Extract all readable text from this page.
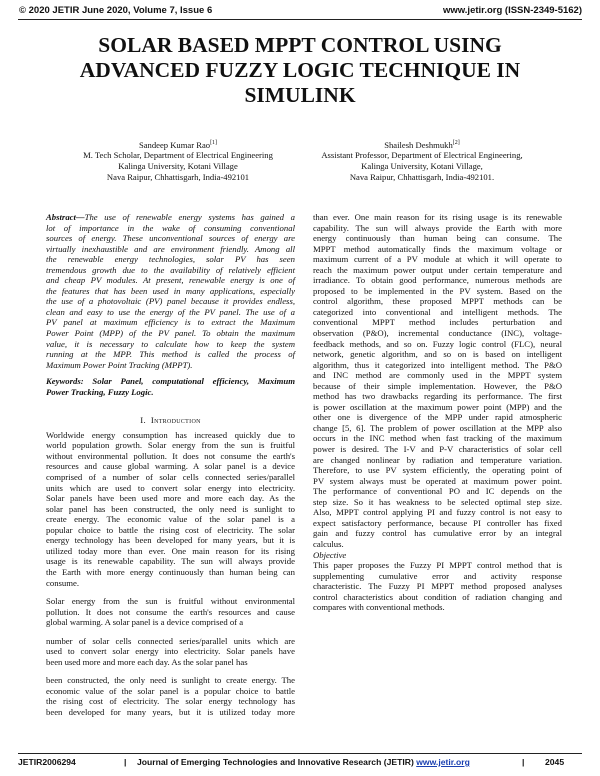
© 2020 JETIR June 2020, Volume 7, Issue 6	www.jetir.org (ISSN-2349-5162)
SOLAR BASED MPPT CONTROL USING
ADVANCED FUZZY LOGIC TECHNIQUE IN
SIMULINK
Sandeep Kumar Rao[1]
M. Tech Scholar, Department of Electrical Engineering
Kalinga University, Kotani Village
Nava Raipur, Chhattisgarh, India-492101
Shailesh Deshmukh[2]
Assistant Professor, Department of Electrical Engineering,
Kalinga University, Kotani Village,
Nava Raipur, Chhattisgarh, India-492101.

Abstract—The use of renewable energy systems has gained a

lot of importance in the wake of consuming conventional

sources of energy. These unconventional sources of energy are

virtually inexhaustible and are environment friendly. Among all

the renewable energy technologies, solar PV has seen

tremendous growth due to the availability of relatively efficient

and cheap PV modules. At present, renewable energy is one of

the features that has been used in many applications, especially

the use of a photovoltaic (PV) panel because it provides endless,

clean and easy to use the energy of the PV panel. The use of a

PV panel at maximum efficiency is to extract the Maximum

Power Point (MPP) of the PV panel. To obtain the maximum

value, it is necessary to calculate how to keep the system

running at the MPP. This method is called the process of

Maximum Power Point Tracking (MPPT).

Keywords: Solar Panel, computational efficiency, Maximum

Power Tracking, Fuzzy Logic.

I. Introduction

Worldwide energy consumption has increased quickly due to

world population growth. Solar energy from the sun is fruitful

without environmental pollution. It does not consume the earth's

resources and cause global warming. A solar panel is a device

comprised of a number of solar cells connected series/parallel

units which are used to convert solar energy into electricity.

Solar panels have been used more and more each day. As the

solar panel has been constructed, the only need is sunlight to

create energy. The economic value of the solar panel is a

popular choice to battle the rising cost of electricity. The solar

energy technology has been developed for many years, but it is

utilized today more than ever. One main reason for its rising

usage is its renewable capability. The sun will always provide

the Earth with more energy continuously than human being can

consume.

Solar energy from the sun is fruitful without environmental

pollution. It does not consume the earth's resources and cause

global warming. A solar panel is a device comprised of a

number of solar cells connected series/parallel units which are

used to convert solar energy into electricity. Solar panels have

been used more and more each day. As the solar panel has

been constructed, the only need is sunlight to create energy. The

economic value of the solar panel is a popular choice to battle

the rising cost of electricity. The solar energy technology has

been developed for many years, but it is utilized today more

than ever. One main reason for its rising usage is its renewable

capability. The sun will always provide the Earth with more

energy continuously than human being can consume. The

MPPT method automatically finds the maximum voltage or

maximum current of a PV module at which it will operate to

reach the maximum power output under certain temperature and

irradiance. To obtain good performance, numerous methods are

proposed to be implemented in the PV system. Based on the

control algorithm, these proposed MPPT methods can be

categorized into conventional and intelligent methods. The

conventional MPPT method includes perturbation and

observation (P&O), incremental conductance (INC), voltage-

feedback methods, and so on. Fuzzy logic control (FLC), neural

network, genetic algorithm, and so on is based on intelligent

algorithm, thus it categorized into intelligent method. The P&O

and INC method are commonly used in the MPPT system

because of their simple implementation. However, the P&O

method has two drawbacks regarding its performance. The first

is power oscillation at the maximum power point (MPP) and the

other one is divergence of the MPP under rapid atmospheric

change [5, 6]. The problem of power oscillation at the MPP also

occurs in the INC method when fast tracking of the maximum

power is desired. The I-V and P-V characteristics of solar cell

are changed nonlinear by radiation and temperature variation.

Therefore, to use PV system efficiently, the operating point of

PV system always must be operated at maximum power point.

The performance of conventional PO and IC depends on the

step size. So it has weakness to be selected optimal step size.

Also, MPPT control applying PI and fuzzy control is not easy to

expect satisfactory performance, because PI controller has fixed

gain and fuzzy control has cumulative error by an integral

calculus.

Objective

This paper proposes the Fuzzy PI MPPT control method that is

supplementing cumulative error and activity response

characteristic. The Fuzzy PI MPPT method proposed analyses

control characteristics about condition of radiation changing and

compares with conventional methods.

JETIR2006294	| Journal of Emerging Technologies and Innovative Research (JETIR) www.jetir.org	| 2045
